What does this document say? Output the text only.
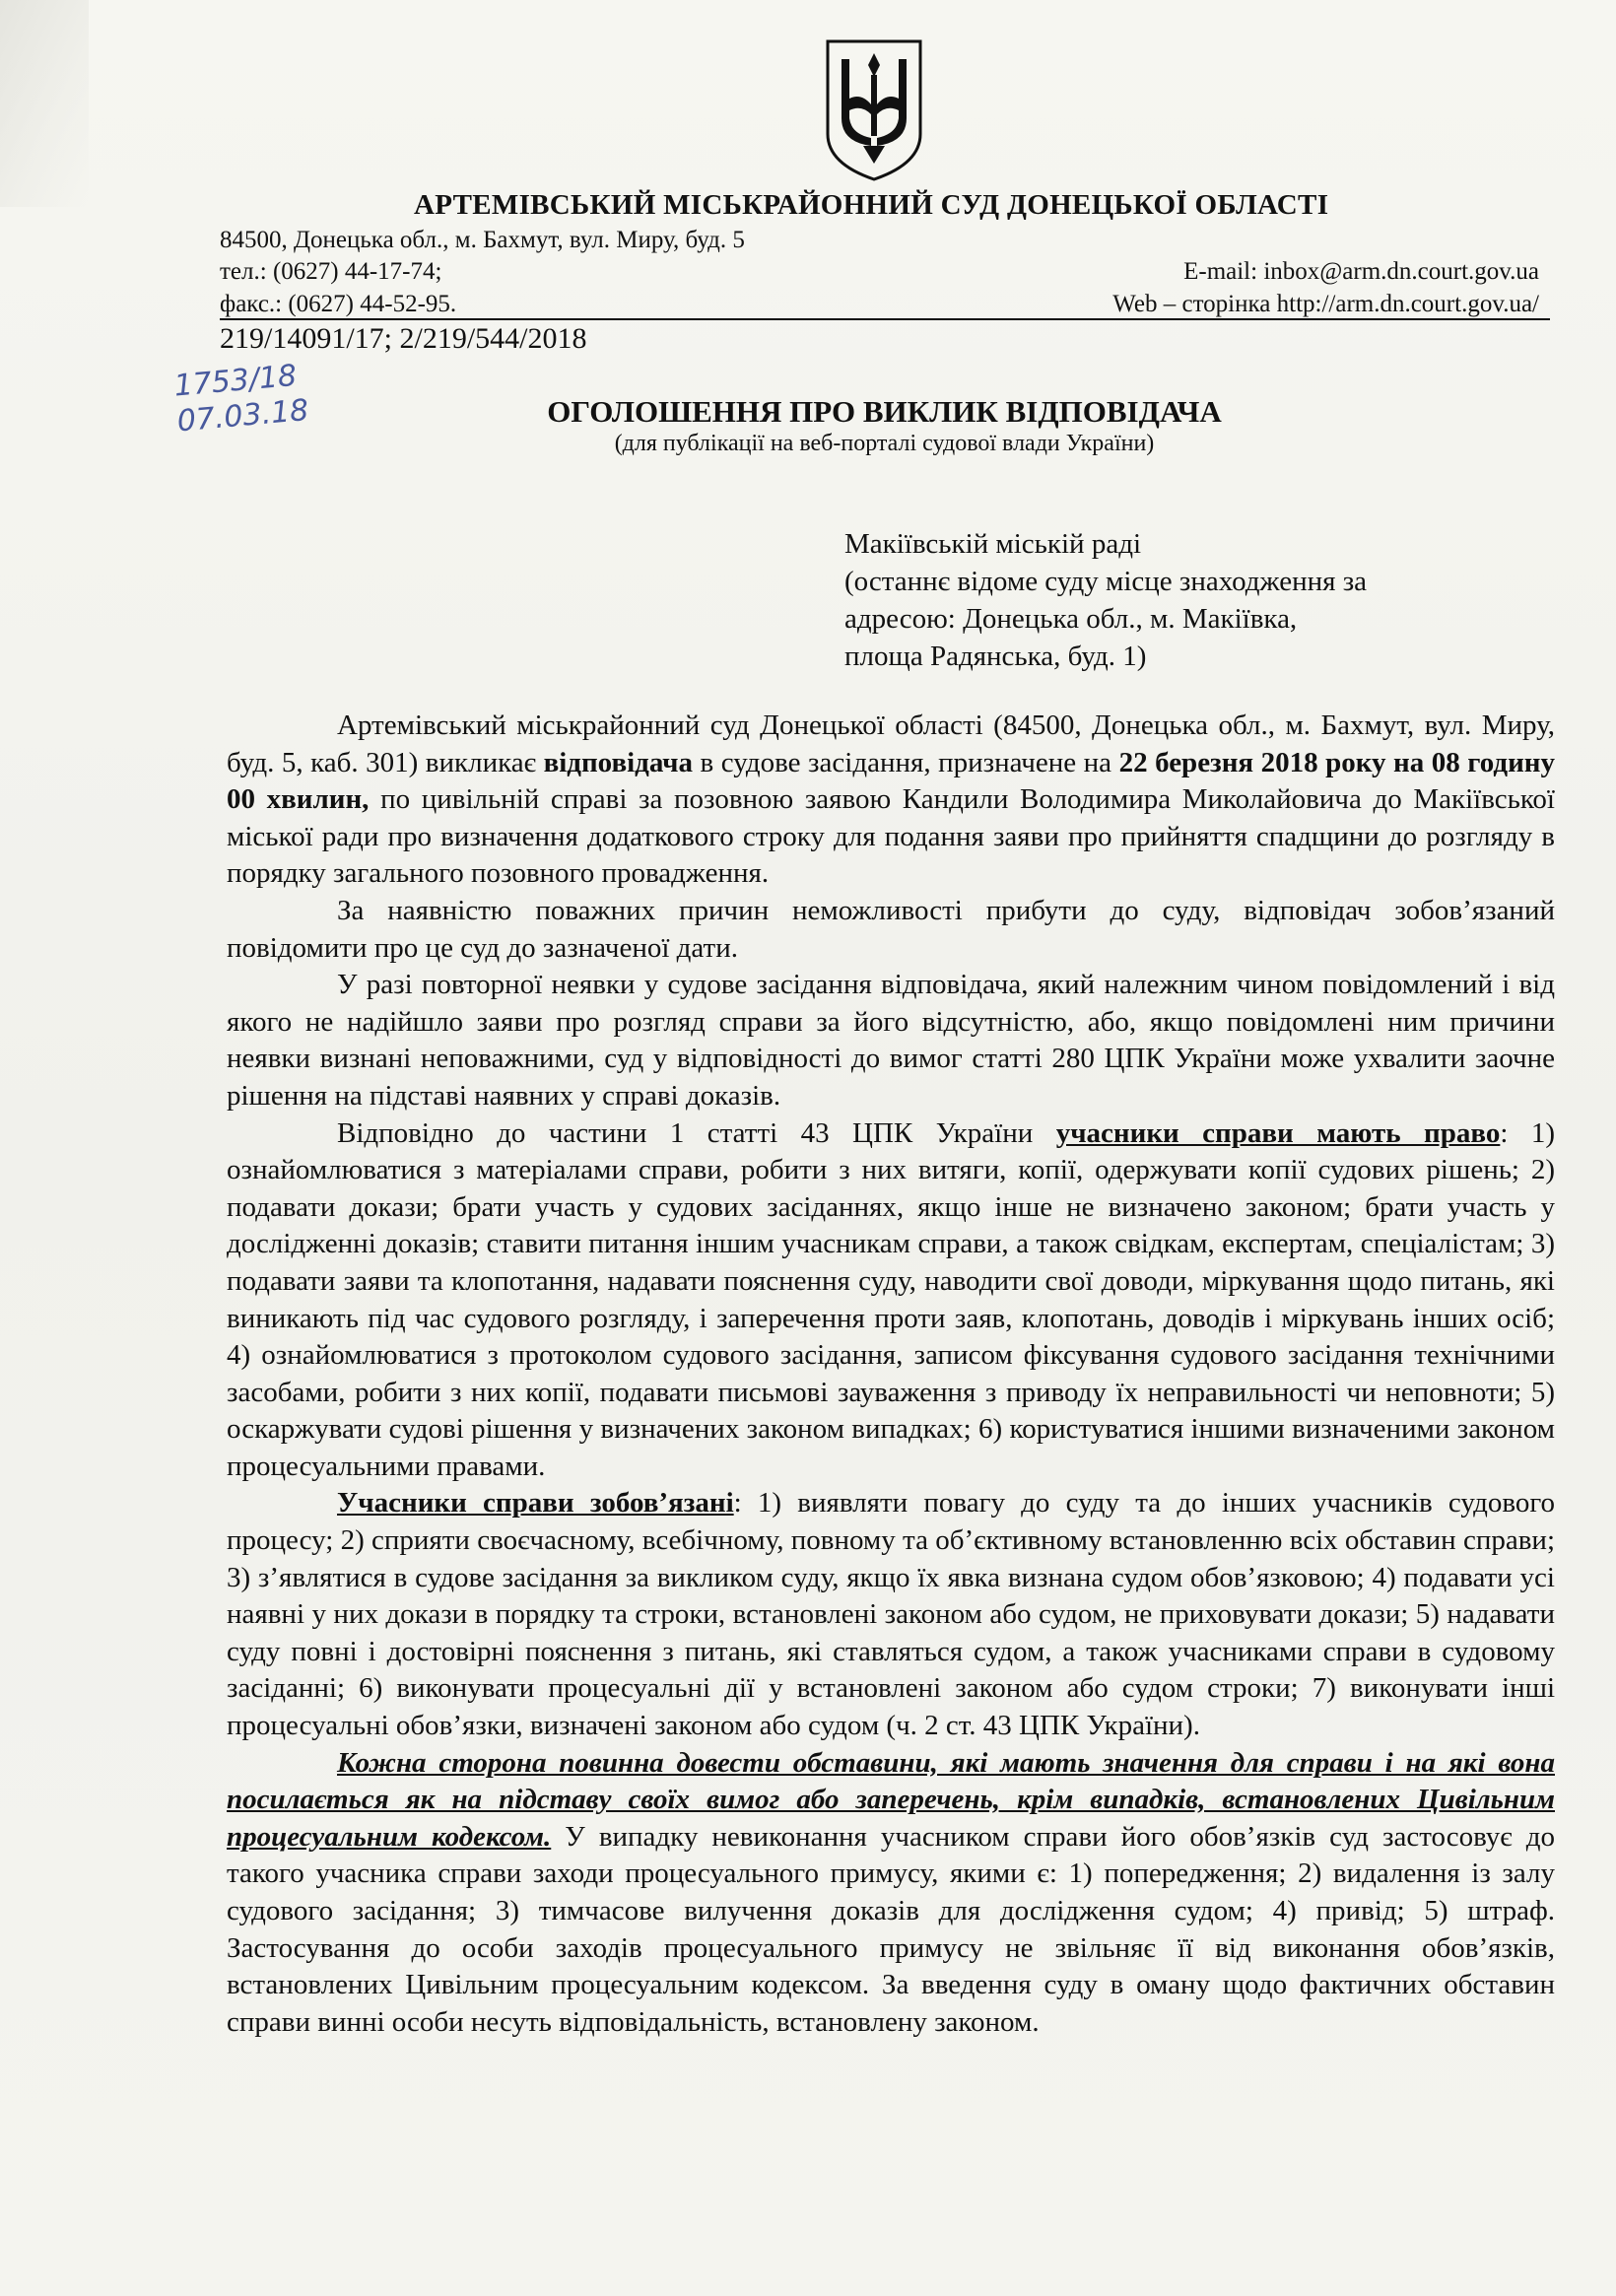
АРТЕМІВСЬКИЙ МІСЬКРАЙОННИЙ СУД ДОНЕЦЬКОЇ ОБЛАСТІ
84500, Донецька обл., м. Бахмут, вул. Миру, буд. 5
тел.: (0627) 44-17-74;
факс.: (0627) 44-52-95.
E-mail: inbox@arm.dn.court.gov.ua
Web – сторінка http://arm.dn.court.gov.ua/
219/14091/17; 2/219/544/2018
1753/18
07.03.18	ОГОЛОШЕННЯ ПРО ВИКЛИК ВІДПОВІДАЧА
(для публікації на веб-порталі судової влади України)
Макіївській міській раді
(останнє відоме суду місце знаходження за
адресою: Донецька обл., м. Макіївка,
площа Радянська, буд. 1)

Артемівський міськрайонний суд Донецької області (84500, Донецька обл., м. Бахмут, вул. Миру, буд. 5, каб. 301) викликає відповідача в судове засідання, призначене на 22 березня 2018 року на 08 годину 00 хвилин, по цивільній справі за позовною заявою Кандили Володимира Миколайовича до Макіївської міської ради про визначення додаткового строку для подання заяви про прийняття спадщини до розгляду в порядку загального позовного провадження.

За наявністю поважних причин неможливості прибути до суду, відповідач зобов’язаний повідомити про це суд до зазначеної дати.

У разі повторної неявки у судове засідання відповідача, який належним чином повідомлений і від якого не надійшло заяви про розгляд справи за його відсутністю, або, якщо повідомлені ним причини неявки визнані неповажними, суд у відповідності до вимог статті 280 ЦПК України може ухвалити заочне рішення на підставі наявних у справі доказів.

Відповідно до частини 1 статті 43 ЦПК України учасники справи мають право: 1) ознайомлюватися з матеріалами справи, робити з них витяги, копії, одержувати копії судових рішень; 2) подавати докази; брати участь у судових засіданнях, якщо інше не визначено законом; брати участь у дослідженні доказів; ставити питання іншим учасникам справи, а також свідкам, експертам, спеціалістам; 3) подавати заяви та клопотання, надавати пояснення суду, наводити свої доводи, міркування щодо питань, які виникають під час судового розгляду, і заперечення проти заяв, клопотань, доводів і міркувань інших осіб; 4) ознайомлюватися з протоколом судового засідання, записом фіксування судового засідання технічними засобами, робити з них копії, подавати письмові зауваження з приводу їх неправильності чи неповноти; 5) оскаржувати судові рішення у визначених законом випадках; 6) користуватися іншими визначеними законом процесуальними правами.

Учасники справи зобов’язані: 1) виявляти повагу до суду та до інших учасників судового процесу; 2) сприяти своєчасному, всебічному, повному та об’єктивному встановленню всіх обставин справи; 3) з’являтися в судове засідання за викликом суду, якщо їх явка визнана судом обов’язковою; 4) подавати усі наявні у них докази в порядку та строки, встановлені законом або судом, не приховувати докази; 5) надавати суду повні і достовірні пояснення з питань, які ставляться судом, а також учасниками справи в судовому засіданні; 6) виконувати процесуальні дії у встановлені законом або судом строки; 7) виконувати інші процесуальні обов’язки, визначені законом або судом (ч. 2 ст. 43 ЦПК України).

Кожна сторона повинна довести обставини, які мають значення для справи і на які вона посилається як на підставу своїх вимог або заперечень, крім випадків, встановлених Цивільним процесуальним кодексом. У випадку невиконання учасником справи його обов’язків суд застосовує до такого учасника справи заходи процесуального примусу, якими є: 1) попередження; 2) видалення із залу судового засідання; 3) тимчасове вилучення доказів для дослідження судом; 4) привід; 5) штраф. Застосування до особи заходів процесуального примусу не звільняє її від виконання обов’язків, встановлених Цивільним процесуальним кодексом. За введення суду в оману щодо фактичних обставин справи винні особи несуть відповідальність, встановлену законом.
